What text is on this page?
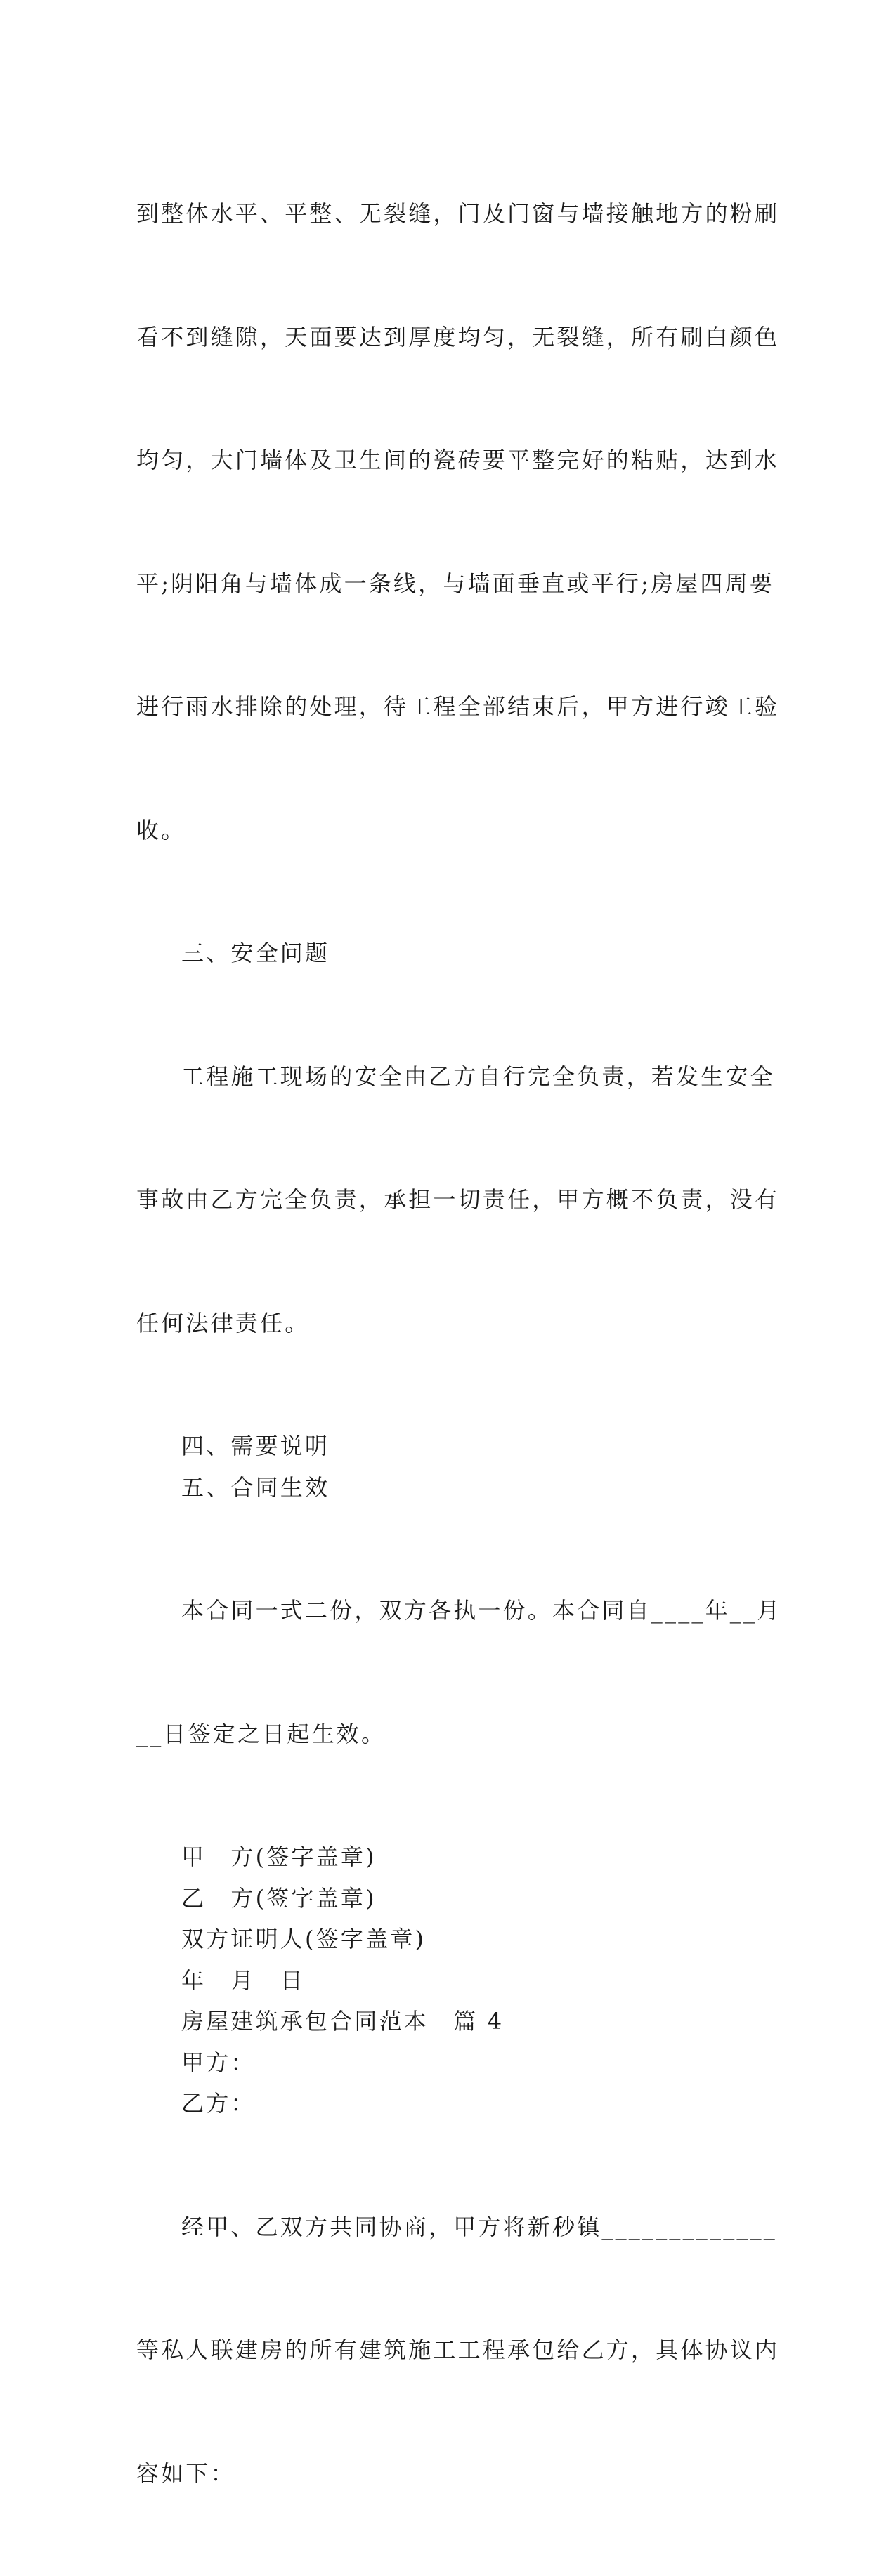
到整体水平、平整、无裂缝，门及门窗与墙接触地方的粉刷

看不到缝隙，天面要达到厚度均匀，无裂缝，所有刷白颜色

均匀，大门墙体及卫生间的瓷砖要平整完好的粘贴，达到水

平;阴阳角与墙体成一条线，与墙面垂直或平行;房屋四周要

进行雨水排除的处理，待工程全部结束后，甲方进行竣工验

收。

三、安全问题

工程施工现场的安全由乙方自行完全负责，若发生安全

事故由乙方完全负责，承担一切责任，甲方概不负责，没有

任何法律责任。

四、需要说明
五、合同生效

本合同一式二份，双方各执一份。本合同自____年__月

__日签定之日起生效。

甲　方(签字盖章)
乙　方(签字盖章)
双方证明人(签字盖章)
年　月　日
房屋建筑承包合同范本　篇 4
甲方：
乙方：

经甲、乙双方共同协商，甲方将新秒镇_____________

等私人联建房的所有建筑施工工程承包给乙方，具体协议内

容如下：
